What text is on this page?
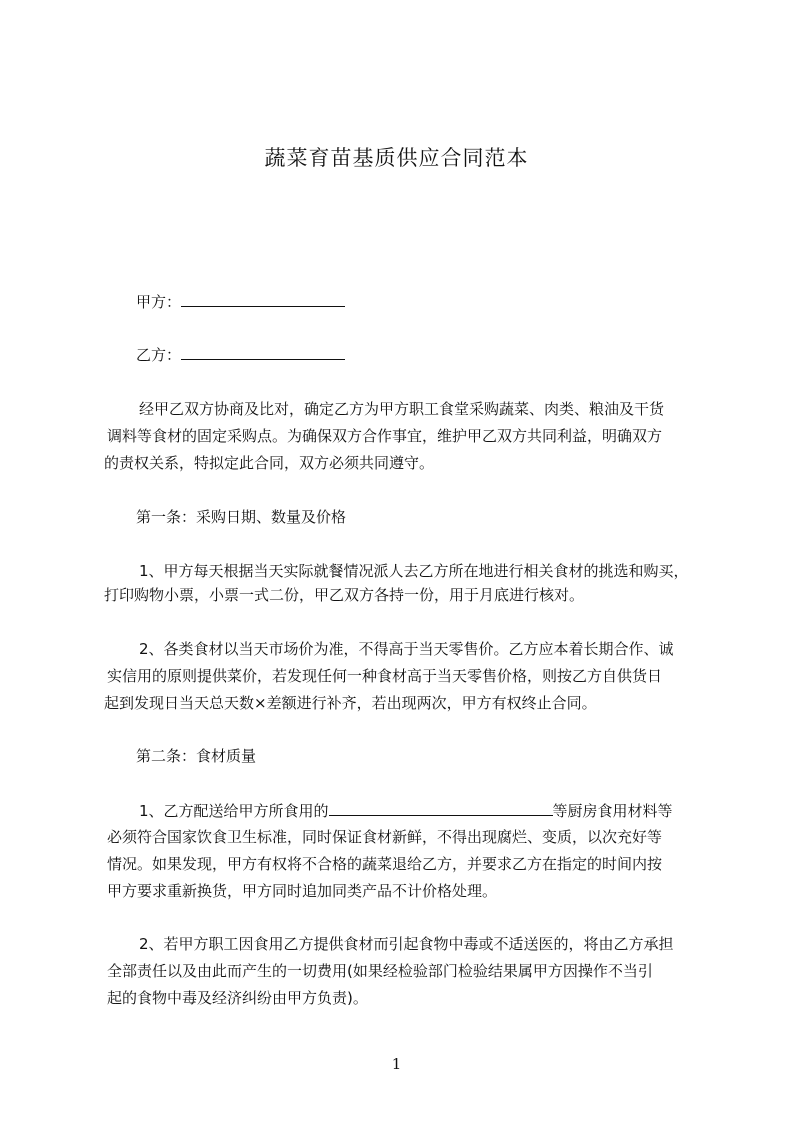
蔬菜育苗基质供应合同范本
甲方：
乙方：
经甲乙双方协商及比对，确定乙方为甲方职工食堂采购蔬菜、肉类、粮油及干货
调料等食材的固定采购点。为确保双方合作事宜，维护甲乙双方共同利益，明确双方
的责权关系，特拟定此合同，双方必须共同遵守。
第一条：采购日期、数量及价格
1、甲方每天根据当天实际就餐情况派人去乙方所在地进行相关食材的挑选和购买，
打印购物小票，小票一式二份，甲乙双方各持一份，用于月底进行核对。
2、各类食材以当天市场价为准，不得高于当天零售价。乙方应本着长期合作、诚
实信用的原则提供菜价，若发现任何一种食材高于当天零售价格，则按乙方自供货日
起到发现日当天总天数×差额进行补齐，若出现两次，甲方有权终止合同。
第二条：食材质量
1、乙方配送给甲方所食用的	等厨房食用材料等
必须符合国家饮食卫生标准，同时保证食材新鲜，不得出现腐烂、变质，以次充好等
情况。如果发现，甲方有权将不合格的蔬菜退给乙方，并要求乙方在指定的时间内按
甲方要求重新换货，甲方同时追加同类产品不计价格处理。
2、若甲方职工因食用乙方提供食材而引起食物中毒或不适送医的，将由乙方承担
全部责任以及由此而产生的一切费用(如果经检验部门检验结果属甲方因操作不当引
起的食物中毒及经济纠纷由甲方负责)。
1
